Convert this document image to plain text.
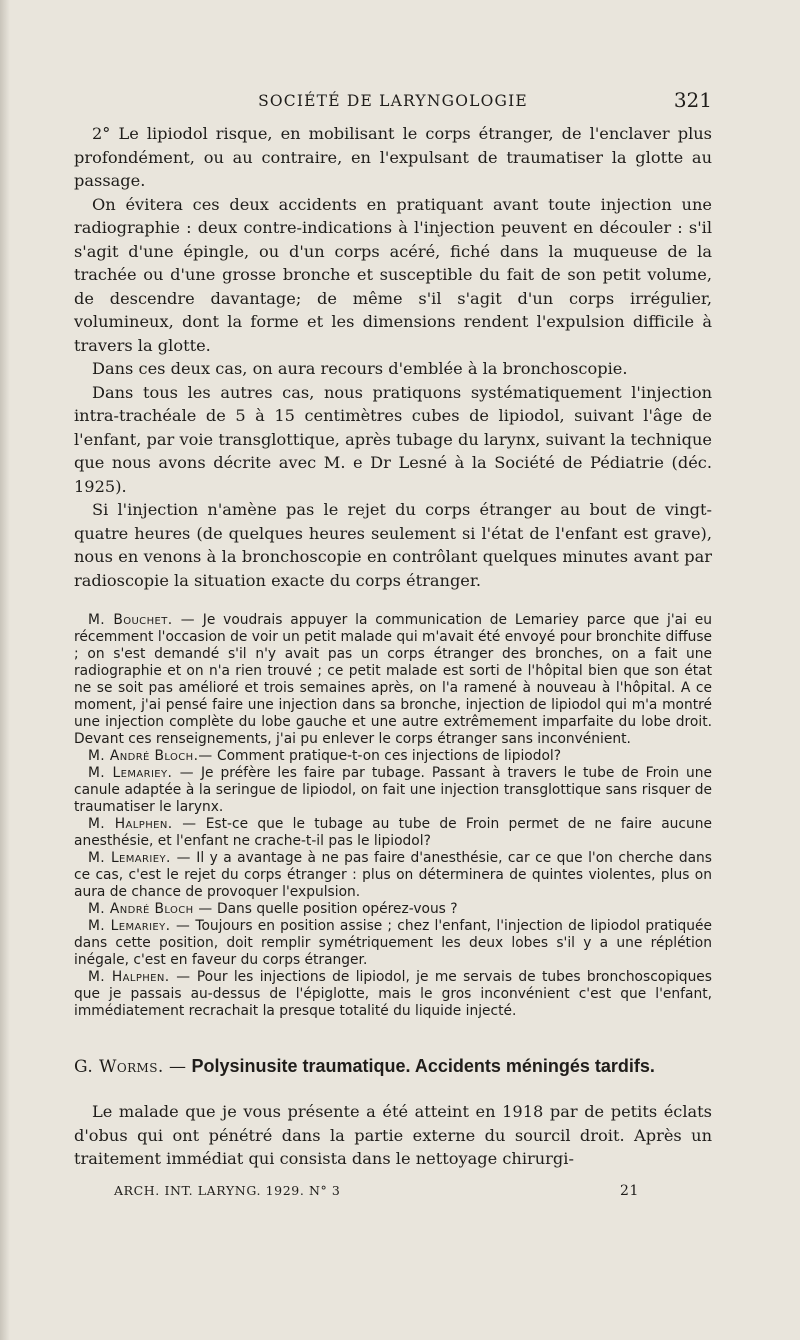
SOCIÉTÉ DE LARYNGOLOGIE	321

2° Le lipiodol risque, en mobilisant le corps étranger, de l'enclaver plus profondément, ou au contraire, en l'expulsant de traumatiser la glotte au passage.

On évitera ces deux accidents en pratiquant avant toute injection une radiographie : deux contre-indications à l'injection peuvent en découler : s'il s'agit d'une épingle, ou d'un corps acéré, fiché dans la muqueuse de la trachée ou d'une grosse bronche et susceptible du fait de son petit volume, de descendre davantage; de même s'il s'agit d'un corps irrégulier, volumineux, dont la forme et les dimensions rendent l'expulsion difficile à travers la glotte.

Dans ces deux cas, on aura recours d'emblée à la bronchoscopie.

Dans tous les autres cas, nous pratiquons systématiquement l'injection intra-trachéale de 5 à 15 centimètres cubes de lipiodol, suivant l'âge de l'enfant, par voie transglottique, après tubage du larynx, suivant la technique que nous avons décrite avec M. e Dr Lesné à la Société de Pédiatrie (déc. 1925).

Si l'injection n'amène pas le rejet du corps étranger au bout de vingt-quatre heures (de quelques heures seulement si l'état de l'enfant est grave), nous en venons à la bronchoscopie en contrôlant quelques minutes avant par radioscopie la situation exacte du corps étranger.

M. Bouchet. — Je voudrais appuyer la communication de Lemariey parce que j'ai eu récemment l'occasion de voir un petit malade qui m'avait été envoyé pour bronchite diffuse ; on s'est demandé s'il n'y avait pas un corps étranger des bronches, on a fait une radiographie et on n'a rien trouvé ; ce petit malade est sorti de l'hôpital bien que son état ne se soit pas amélioré et trois semaines après, on l'a ramené à nouveau à l'hôpital. A ce moment, j'ai pensé faire une injection dans sa bronche, injection de lipiodol qui m'a montré une injection complète du lobe gauche et une autre extrêmement imparfaite du lobe droit. Devant ces renseignements, j'ai pu enlever le corps étranger sans inconvénient.

M. André Bloch.— Comment pratique-t-on ces injections de lipiodol?

M. Lemariey. — Je préfère les faire par tubage. Passant à travers le tube de Froin une canule adaptée à la seringue de lipiodol, on fait une injection transglottique sans risquer de traumatiser le larynx.

M. Halphen. — Est-ce que le tubage au tube de Froin permet de ne faire aucune anesthésie, et l'enfant ne crache-t-il pas le lipiodol?

M. Lemariey. — Il y a avantage à ne pas faire d'anesthésie, car ce que l'on cherche dans ce cas, c'est le rejet du corps étranger : plus on déterminera de quintes violentes, plus on aura de chance de provoquer l'expulsion.

M. André Bloch — Dans quelle position opérez-vous ?

M. Lemariey. — Toujours en position assise ; chez l'enfant, l'injection de lipiodol pratiquée dans cette position, doit remplir symétriquement les deux lobes s'il y a une réplétion inégale, c'est en faveur du corps étranger.

M. Halphen. — Pour les injections de lipiodol, je me servais de tubes bronchoscopiques que je passais au-dessus de l'épiglotte, mais le gros inconvénient c'est que l'enfant, immédiatement recrachait la presque totalité du liquide injecté.

G. Worms. — Polysinusite traumatique. Accidents méningés tardifs.

Le malade que je vous présente a été atteint en 1918 par de petits éclats d'obus qui ont pénétré dans la partie externe du sourcil droit. Après un traitement immédiat qui consista dans le nettoyage chirurgi-

ARCH. INT. LARYNG. 1929. N° 3	21
